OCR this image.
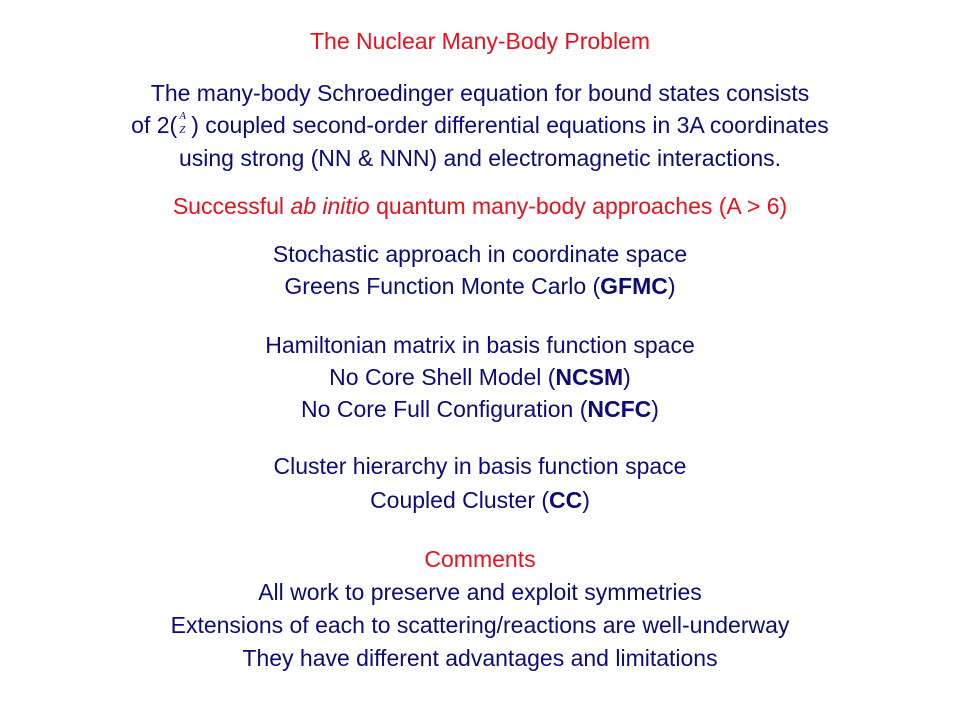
The Nuclear Many-Body Problem
The many-body Schroedinger equation for bound states consists
of 2( A
Z ) coupled second-order differential equations in 3A coordinates
using strong (NN & NNN) and electromagnetic interactions.
Successful ab initio quantum many-body approaches (A > 6)
Stochastic approach in coordinate space
Greens Function Monte Carlo (GFMC)
Hamiltonian matrix in basis function space
No Core Shell Model (NCSM)
No Core Full Configuration (NCFC)
Cluster hierarchy in basis function space
Coupled Cluster (CC)
Comments
All work to preserve and exploit symmetries
Extensions of each to scattering/reactions are well-underway
They have different advantages and limitations
